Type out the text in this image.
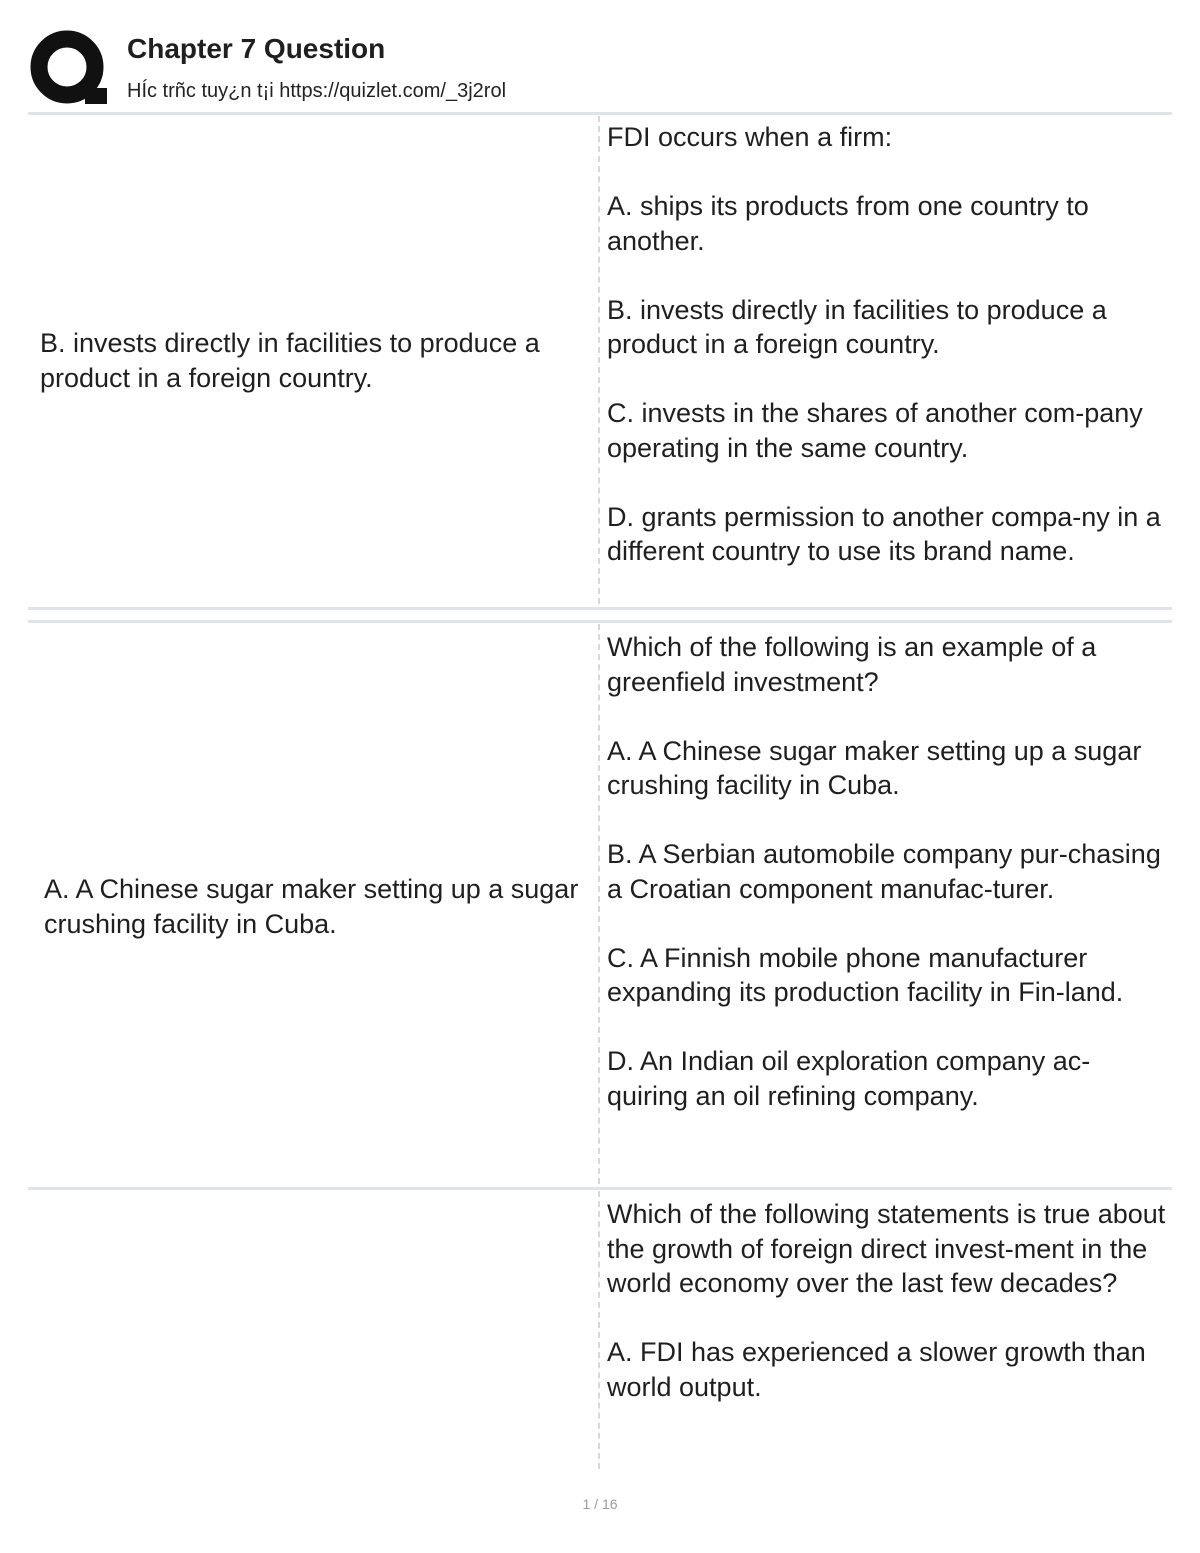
Chapter 7 Question
HÍc trñc tuy¿n t¡i https://quizlet.com/_3j2rol
B. invests directly in facilities to produce a product in a foreign country.

FDI occurs when a firm:

A. ships its products from one country to another.

B. invests directly in facilities to produce a product in a foreign country.

C. invests in the shares of another com-pany operating in the same country.

D. grants permission to another compa-ny in a different country to use its brand name.

A. A Chinese sugar maker setting up a sugar crushing facility in Cuba.

Which of the following is an example of a greenfield investment?

A. A Chinese sugar maker setting up a sugar crushing facility in Cuba.

B. A Serbian automobile company pur-chasing a Croatian component manufac-turer.

C. A Finnish mobile phone manufacturer expanding its production facility in Fin-land.

D. An Indian oil exploration company ac-quiring an oil refining company.

Which of the following statements is true about the growth of foreign direct invest-ment in the world economy over the last few decades?

A. FDI has experienced a slower growth than world output.

1 / 16
